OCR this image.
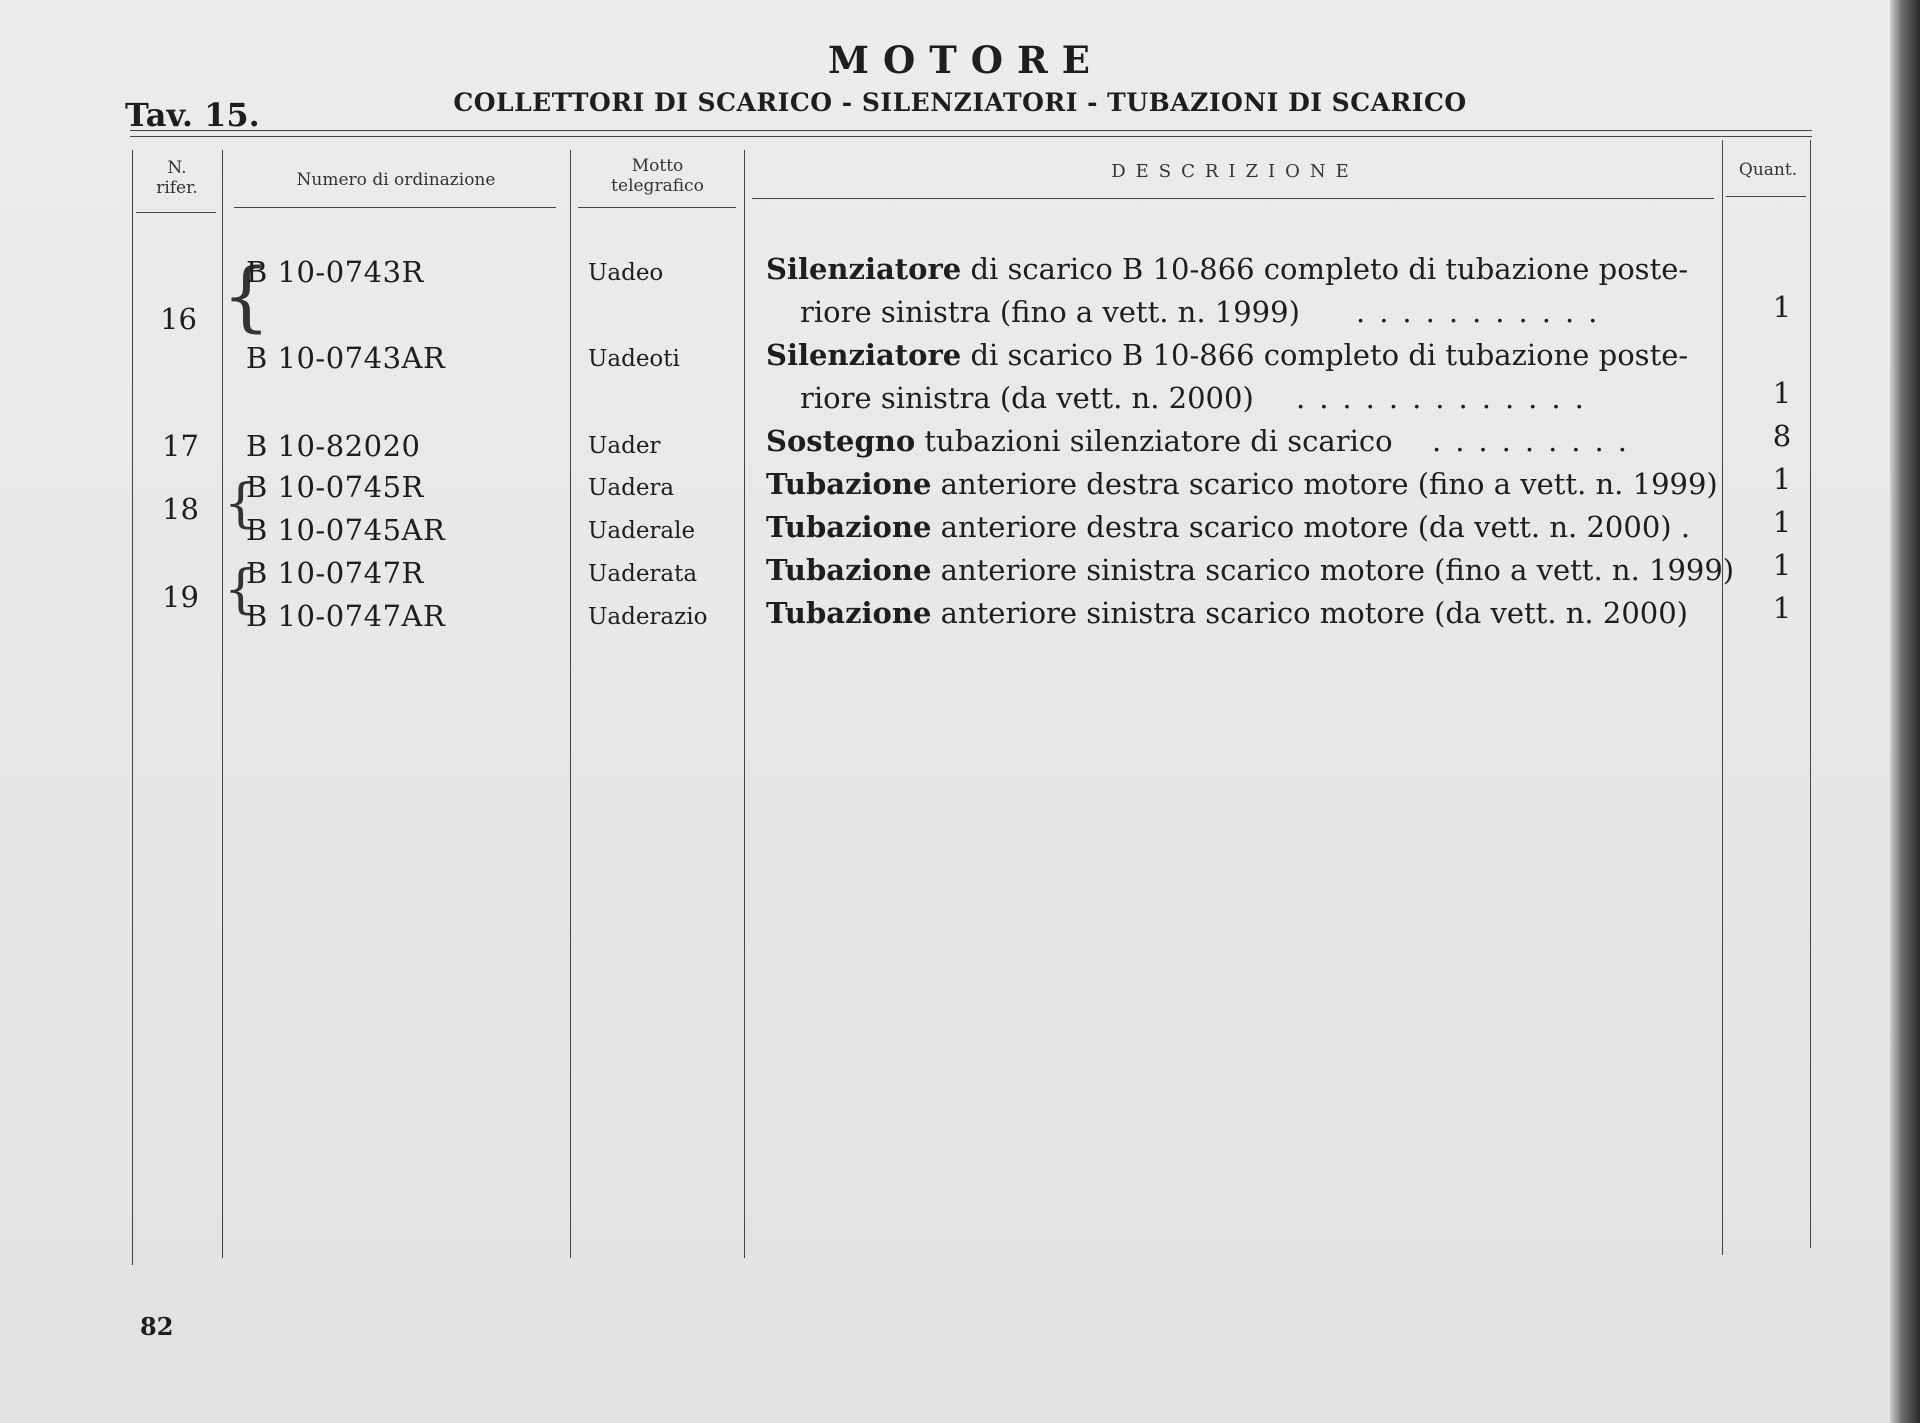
MOTORE
COLLETTORI DI SCARICO - SILENZIATORI - TUBAZIONI DI SCARICO
Tav. 15.
N.
rifer.	Numero di ordinazione
Motto
telegrafico
DESCRIZIONE	Quant.
16
17
18
19
{
{
{
B 10-0743R
B 10-0743AR
B 10-82020
B 10-0745R
B 10-0745AR
B 10-0747R
B 10-0747AR
Uadeo
Uadeoti
Uader
Uadera
Uaderale
Uaderata
Uaderazio
Silenziatore di scarico B 10-866 completo di tubazione poste-
riore sinistra (fino a vett. n. 1999) ...........
Silenziatore di scarico B 10-866 completo di tubazione poste-
riore sinistra (da vett. n. 2000) .............
Sostegno tubazioni silenziatore di scarico .........
Tubazione anteriore destra scarico motore (fino a vett. n. 1999)
Tubazione anteriore destra scarico motore (da vett. n. 2000) .
Tubazione anteriore sinistra scarico motore (fino a vett. n. 1999)
Tubazione anteriore sinistra scarico motore (da vett. n. 2000)
1
1
8
1
1
1
1
82
